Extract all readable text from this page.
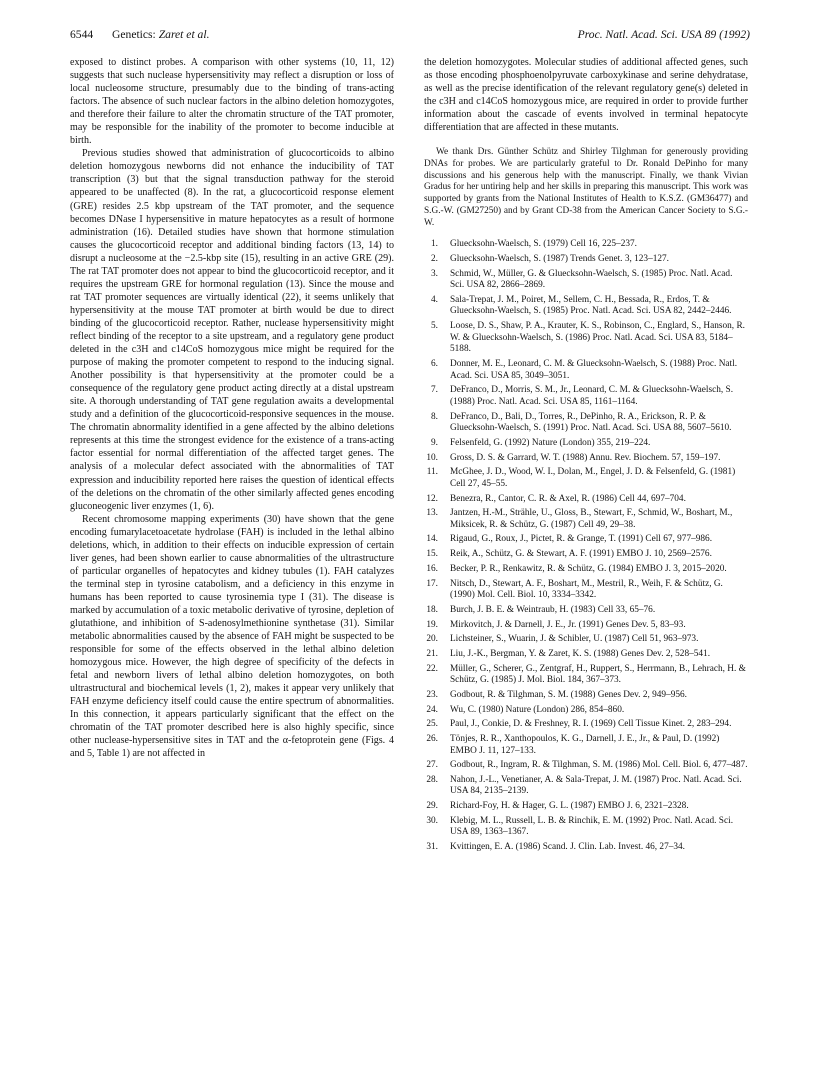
6544 Genetics: Zaret et al.	Proc. Natl. Acad. Sci. USA 89 (1992)

exposed to distinct probes. A comparison with other systems (10, 11, 12) suggests that such nuclease hypersensitivity may reflect a disruption or loss of local nucleosome structure, presumably due to the binding of trans-acting factors. The absence of such nuclear factors in the albino deletion homozygotes, and therefore their failure to alter the chromatin structure of the TAT promoter, may be responsible for the inability of the promoter to become inducible at birth.

Previous studies showed that administration of glucocorticoids to albino deletion homozygous newborns did not enhance the inducibility of TAT transcription (3) but that the signal transduction pathway for the steroid appeared to be unaffected (8). In the rat, a glucocorticoid response element (GRE) resides 2.5 kbp upstream of the TAT promoter, and the sequence becomes DNase I hypersensitive in mature hepatocytes as a result of hormone administration (16). Detailed studies have shown that hormone stimulation causes the glucocorticoid receptor and additional binding factors (13, 14) to disrupt a nucleosome at the −2.5-kbp site (15), resulting in an active GRE (29). The rat TAT promoter does not appear to bind the glucocorticoid receptor, and it requires the upstream GRE for hormonal regulation (13). Since the mouse and rat TAT promoter sequences are virtually identical (22), it seems unlikely that hypersensitivity at the mouse TAT promoter at birth would be due to direct binding of the glucocorticoid receptor. Rather, nuclease hypersensitivity might reflect binding of the receptor to a site upstream, and a regulatory gene product deleted in the c3H and c14CoS homozygous mice might be required for the purpose of making the promoter competent to respond to the inducing signal. Another possibility is that hypersensitivity at the promoter could be a consequence of the regulatory gene product acting directly at a distal upstream site. A thorough understanding of TAT gene regulation awaits a developmental study and a definition of the glucocorticoid-responsive sequences in the mouse. The chromatin abnormality identified in a gene affected by the albino deletions represents at this time the strongest evidence for the existence of a trans-acting factor essential for normal differentiation of the affected target genes. The analysis of a molecular defect associated with the abnormalities of TAT expression and inducibility reported here raises the question of identical effects of the deletions on the chromatin of the other similarly affected genes encoding gluconeogenic liver enzymes (1, 6).

Recent chromosome mapping experiments (30) have shown that the gene encoding fumarylacetoacetate hydrolase (FAH) is included in the lethal albino deletions, which, in addition to their effects on inducible expression of certain liver genes, had been shown earlier to cause abnormalities of the ultrastructure of particular organelles of hepatocytes and kidney tubules (1). FAH catalyzes the terminal step in tyrosine catabolism, and a deficiency in this enzyme in humans has been reported to cause tyrosinemia type I (31). The disease is marked by accumulation of a toxic metabolic derivative of tyrosine, depletion of glutathione, and inhibition of S-adenosylmethionine synthetase (31). Similar metabolic abnormalities caused by the absence of FAH might be suspected to be responsible for some of the effects observed in the lethal albino deletion homozygous mice. However, the high degree of specificity of the defects in fetal and newborn livers of lethal albino deletion homozygotes, on both ultrastructural and biochemical levels (1, 2), makes it appear very unlikely that FAH enzyme deficiency itself could cause the entire spectrum of abnormalities. In this connection, it appears particularly significant that the effect on the chromatin of the TAT promoter described here is also highly specific, since other nuclease-hypersensitive sites in TAT and the α-fetoprotein gene (Figs. 4 and 5, Table 1) are not affected in

the deletion homozygotes. Molecular studies of additional affected genes, such as those encoding phosphoenolpyruvate carboxykinase and serine dehydratase, as well as the precise identification of the relevant regulatory gene(s) deleted in the c3H and c14CoS homozygous mice, are required in order to provide further information about the cascade of events involved in terminal hepatocyte differentiation that are affected in these mutants.

We thank Drs. Günther Schütz and Shirley Tilghman for generously providing DNAs for probes. We are particularly grateful to Dr. Ronald DePinho for many discussions and his generous help with the manuscript. Finally, we thank Vivian Gradus for her untiring help and her skills in preparing this manuscript. This work was supported by grants from the National Institutes of Health to K.S.Z. (GM36477) and S.G.-W. (GM27250) and by Grant CD-38 from the American Cancer Society to S.G.-W.

1. Gluecksohn-Waelsch, S. (1979) Cell 16, 225–237.
2. Gluecksohn-Waelsch, S. (1987) Trends Genet. 3, 123–127.
3. Schmid, W., Müller, G. & Gluecksohn-Waelsch, S. (1985) Proc. Natl. Acad. Sci. USA 82, 2866–2869.
4. Sala-Trepat, J. M., Poiret, M., Sellem, C. H., Bessada, R., Erdos, T. & Gluecksohn-Waelsch, S. (1985) Proc. Natl. Acad. Sci. USA 82, 2442–2446.
5. Loose, D. S., Shaw, P. A., Krauter, K. S., Robinson, C., Englard, S., Hanson, R. W. & Gluecksohn-Waelsch, S. (1986) Proc. Natl. Acad. Sci. USA 83, 5184–5188.
6. Donner, M. E., Leonard, C. M. & Gluecksohn-Waelsch, S. (1988) Proc. Natl. Acad. Sci. USA 85, 3049–3051.
7. DeFranco, D., Morris, S. M., Jr., Leonard, C. M. & Gluecksohn-Waelsch, S. (1988) Proc. Natl. Acad. Sci. USA 85, 1161–1164.
8. DeFranco, D., Bali, D., Torres, R., DePinho, R. A., Erickson, R. P. & Gluecksohn-Waelsch, S. (1991) Proc. Natl. Acad. Sci. USA 88, 5607–5610.
9. Felsenfeld, G. (1992) Nature (London) 355, 219–224.
10. Gross, D. S. & Garrard, W. T. (1988) Annu. Rev. Biochem. 57, 159–197.
11. McGhee, J. D., Wood, W. I., Dolan, M., Engel, J. D. & Felsenfeld, G. (1981) Cell 27, 45–55.
12. Benezra, R., Cantor, C. R. & Axel, R. (1986) Cell 44, 697–704.
13. Jantzen, H.-M., Strähle, U., Gloss, B., Stewart, F., Schmid, W., Boshart, M., Miksicek, R. & Schütz, G. (1987) Cell 49, 29–38.
14. Rigaud, G., Roux, J., Pictet, R. & Grange, T. (1991) Cell 67, 977–986.
15. Reik, A., Schütz, G. & Stewart, A. F. (1991) EMBO J. 10, 2569–2576.
16. Becker, P. R., Renkawitz, R. & Schütz, G. (1984) EMBO J. 3, 2015–2020.
17. Nitsch, D., Stewart, A. F., Boshart, M., Mestril, R., Weih, F. & Schütz, G. (1990) Mol. Cell. Biol. 10, 3334–3342.
18. Burch, J. B. E. & Weintraub, H. (1983) Cell 33, 65–76.
19. Mirkovitch, J. & Darnell, J. E., Jr. (1991) Genes Dev. 5, 83–93.
20. Lichsteiner, S., Wuarin, J. & Schibler, U. (1987) Cell 51, 963–973.
21. Liu, J.-K., Bergman, Y. & Zaret, K. S. (1988) Genes Dev. 2, 528–541.
22. Müller, G., Scherer, G., Zentgraf, H., Ruppert, S., Herrmann, B., Lehrach, H. & Schütz, G. (1985) J. Mol. Biol. 184, 367–373.
23. Godbout, R. & Tilghman, S. M. (1988) Genes Dev. 2, 949–956.
24. Wu, C. (1980) Nature (London) 286, 854–860.
25. Paul, J., Conkie, D. & Freshney, R. I. (1969) Cell Tissue Kinet. 2, 283–294.
26. Tönjes, R. R., Xanthopoulos, K. G., Darnell, J. E., Jr., & Paul, D. (1992) EMBO J. 11, 127–133.
27. Godbout, R., Ingram, R. & Tilghman, S. M. (1986) Mol. Cell. Biol. 6, 477–487.
28. Nahon, J.-L., Venetianer, A. & Sala-Trepat, J. M. (1987) Proc. Natl. Acad. Sci. USA 84, 2135–2139.
29. Richard-Foy, H. & Hager, G. L. (1987) EMBO J. 6, 2321–2328.
30. Klebig, M. L., Russell, L. B. & Rinchik, E. M. (1992) Proc. Natl. Acad. Sci. USA 89, 1363–1367.
31. Kvittingen, E. A. (1986) Scand. J. Clin. Lab. Invest. 46, 27–34.
